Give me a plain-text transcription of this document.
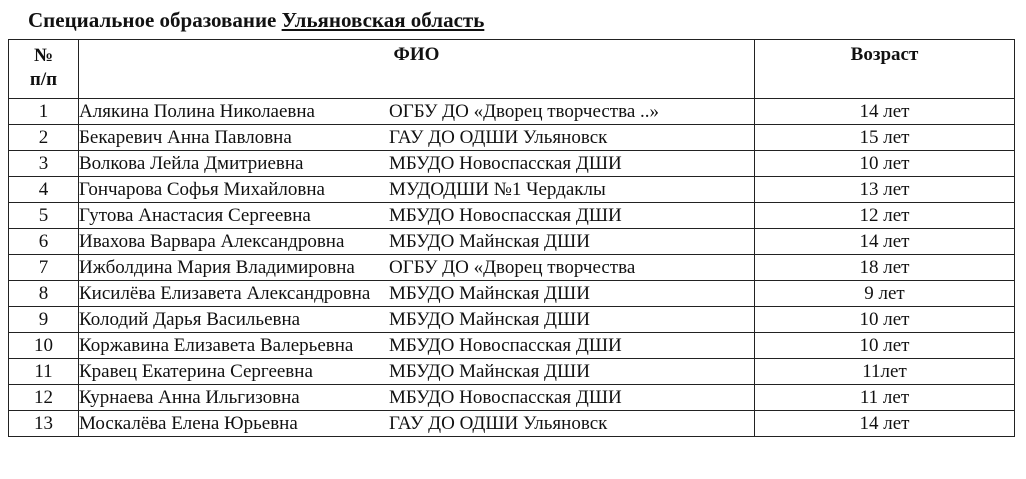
Специальное образование Ульяновская область
№
п/п	ФИО	Возраст
1	Алякина Полина Николаевна ОГБУ ДО «Дворец творчества ..»	14 лет
2	Бекаревич Анна Павловна ГАУ ДО ОДШИ Ульяновск	15 лет
3	Волкова Лейла Дмитриевна МБУДО Новоспасская ДШИ	10 лет
4	Гончарова Софья Михайловна МУДОДШИ №1 Чердаклы	13 лет
5	Гутова Анастасия Сергеевна МБУДО Новоспасская ДШИ	12 лет
6	Ивахова Варвара Александровна МБУДО Майнская ДШИ	14 лет
7	Ижболдина Мария Владимировна ОГБУ ДО «Дворец творчества	18 лет
8	Кисилёва Елизавета Александровна МБУДО Майнская ДШИ	9 лет
9	Колодий Дарья Васильевна МБУДО Майнская ДШИ	10 лет
10	Коржавина Елизавета Валерьевна МБУДО Новоспасская ДШИ	10 лет
11	Кравец Екатерина Сергеевна МБУДО Майнская ДШИ	11лет
12	Курнаева Анна Ильгизовна МБУДО Новоспасская ДШИ	11 лет
13	Москалёва Елена Юрьевна ГАУ ДО ОДШИ Ульяновск	14 лет
